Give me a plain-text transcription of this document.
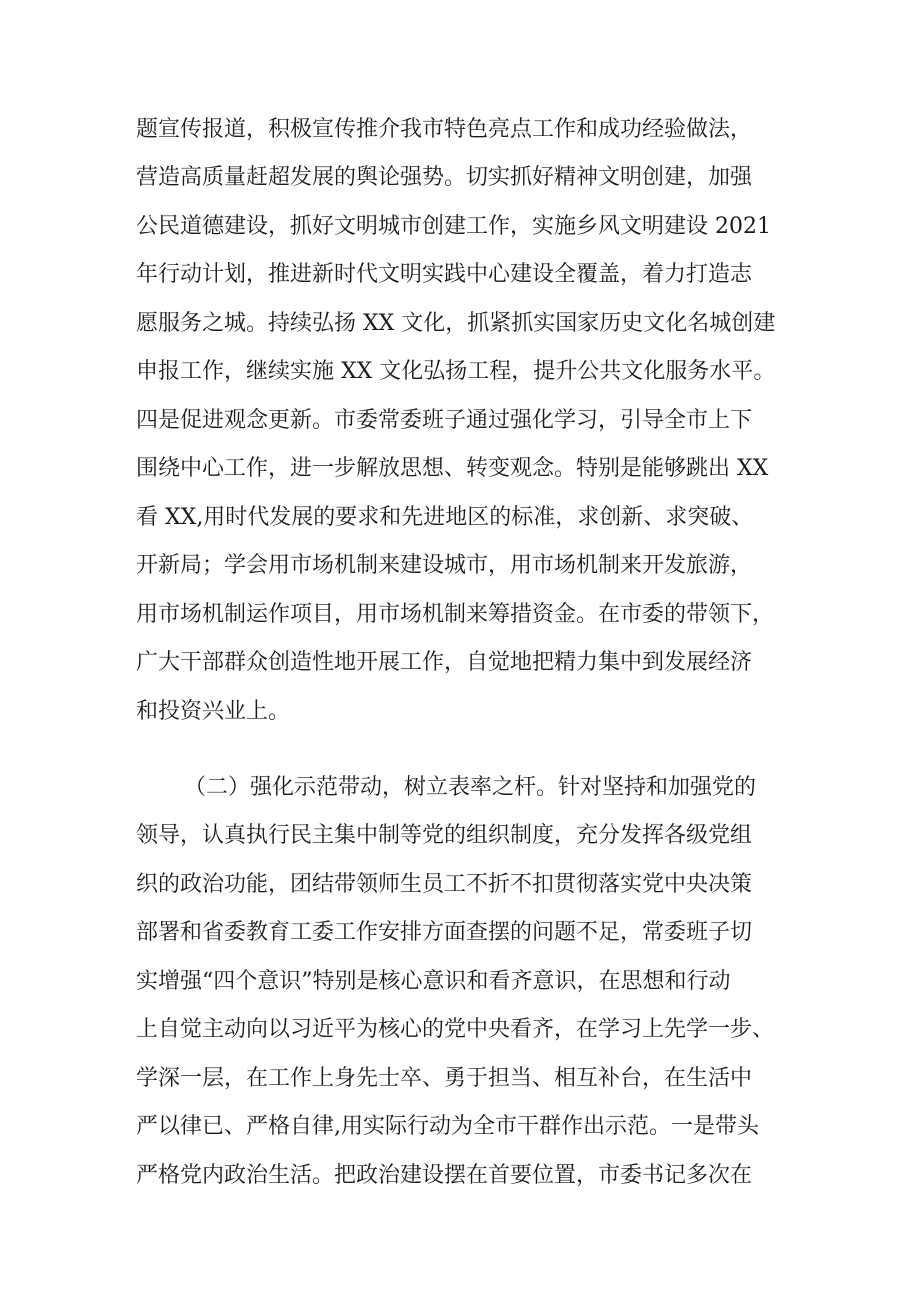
题宣传报道，积极宣传推介我市特色亮点工作和成功经验做法，
营造高质量赶超发展的舆论强势。切实抓好精神文明创建，加强
公民道德建设，抓好文明城市创建工作，实施乡风文明建设 2021
年行动计划，推进新时代文明实践中心建设全覆盖，着力打造志
愿服务之城。持续弘扬 XX 文化，抓紧抓实国家历史文化名城创建
申报工作，继续实施 XX 文化弘扬工程，提升公共文化服务水平。
四是促进观念更新。市委常委班子通过强化学习，引导全市上下
围绕中心工作，进一步解放思想、转变观念。特别是能够跳出 XX
看 XX,用时代发展的要求和先进地区的标准，求创新、求突破、
开新局；学会用市场机制来建设城市，用市场机制来开发旅游，
用市场机制运作项目，用市场机制来筹措资金。在市委的带领下，
广大干部群众创造性地开展工作，自觉地把精力集中到发展经济
和投资兴业上。
（二）强化示范带动，树立表率之杆。针对坚持和加强党的
领导，认真执行民主集中制等党的组织制度，充分发挥各级党组
织的政治功能，团结带领师生员工不折不扣贯彻落实党中央决策
部署和省委教育工委工作安排方面查摆的问题不足，常委班子切
实增强“四个意识”特别是核心意识和看齐意识，在思想和行动
上自觉主动向以习近平为核心的党中央看齐，在学习上先学一步、
学深一层，在工作上身先士卒、勇于担当、相互补台，在生活中
严以律已、严格自律,用实际行动为全市干群作出示范。一是带头
严格党内政治生活。把政治建设摆在首要位置，市委书记多次在
